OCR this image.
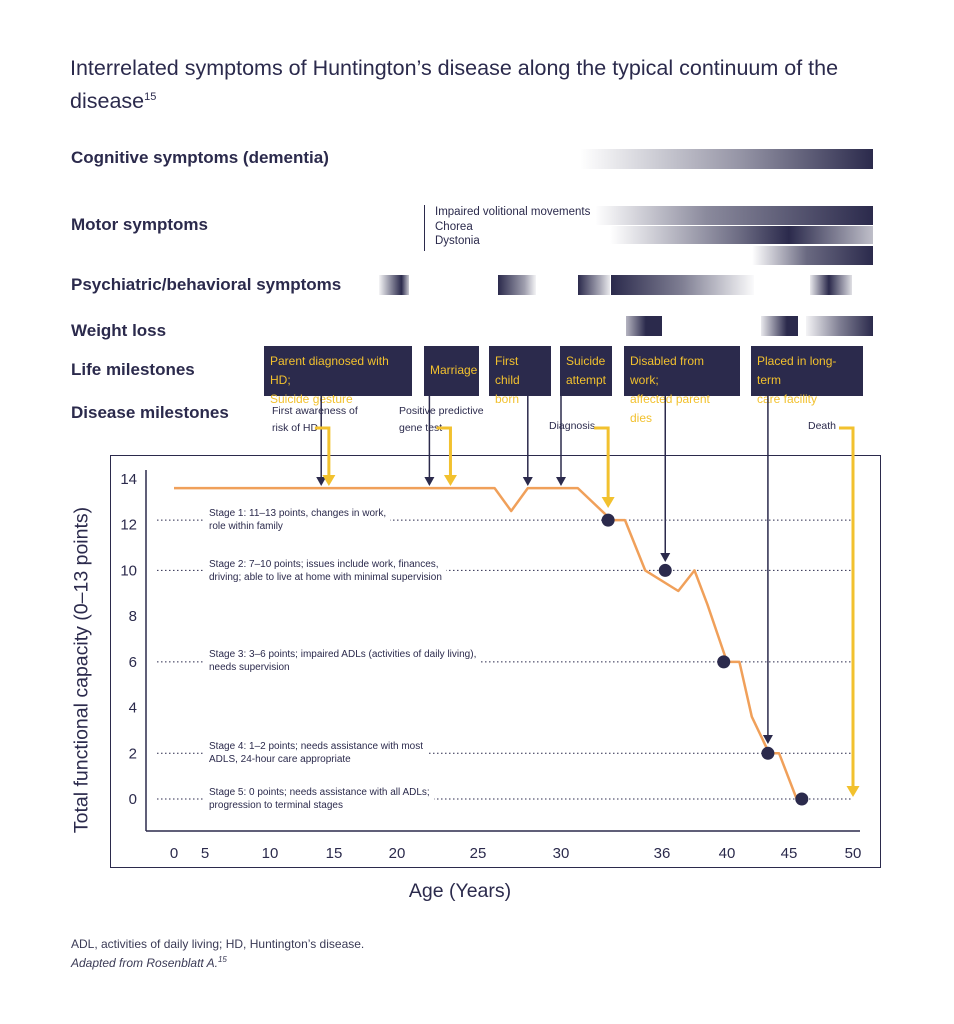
Interrelated symptoms of Huntington’s disease along the typical continuum of the disease$^{15}$
Cognitive symptoms (dementia)
Motor symptoms
Psychiatric/behavioral symptoms
Weight loss
Life milestones
Disease milestones
Impaired volitional movements
Chorea
Dystonia
Parent diagnosed with HD;
Suicide gesture
Marriage
First child
born
Suicide
attempt
Disabled from work;
affected parent dies
Placed in long-term
care facility
First awareness of
risk of HD
Positive predictive
gene test	Diagnosis	Death
14
12
10
8
6
4
2
0
0 5	10	15	20	25	30	36	40	45	50
Stage 1: 11–13 points, changes in work,
role within family
Stage 2: 7–10 points; issues include work, finances,
driving; able to live at home with minimal supervision
Stage 3: 3–6 points; impaired ADLs (activities of daily living),
needs supervision
Stage 4: 1–2 points; needs assistance with most
ADLS, 24-hour care appropriate
Stage 5: 0 points; needs assistance with all ADLs;
progression to terminal stages
Total functional capacity (0–13 points)
Age (Years)
ADL, activities of daily living; HD, Huntington’s disease.
Adapted from Rosenblatt A.$^{15}$
